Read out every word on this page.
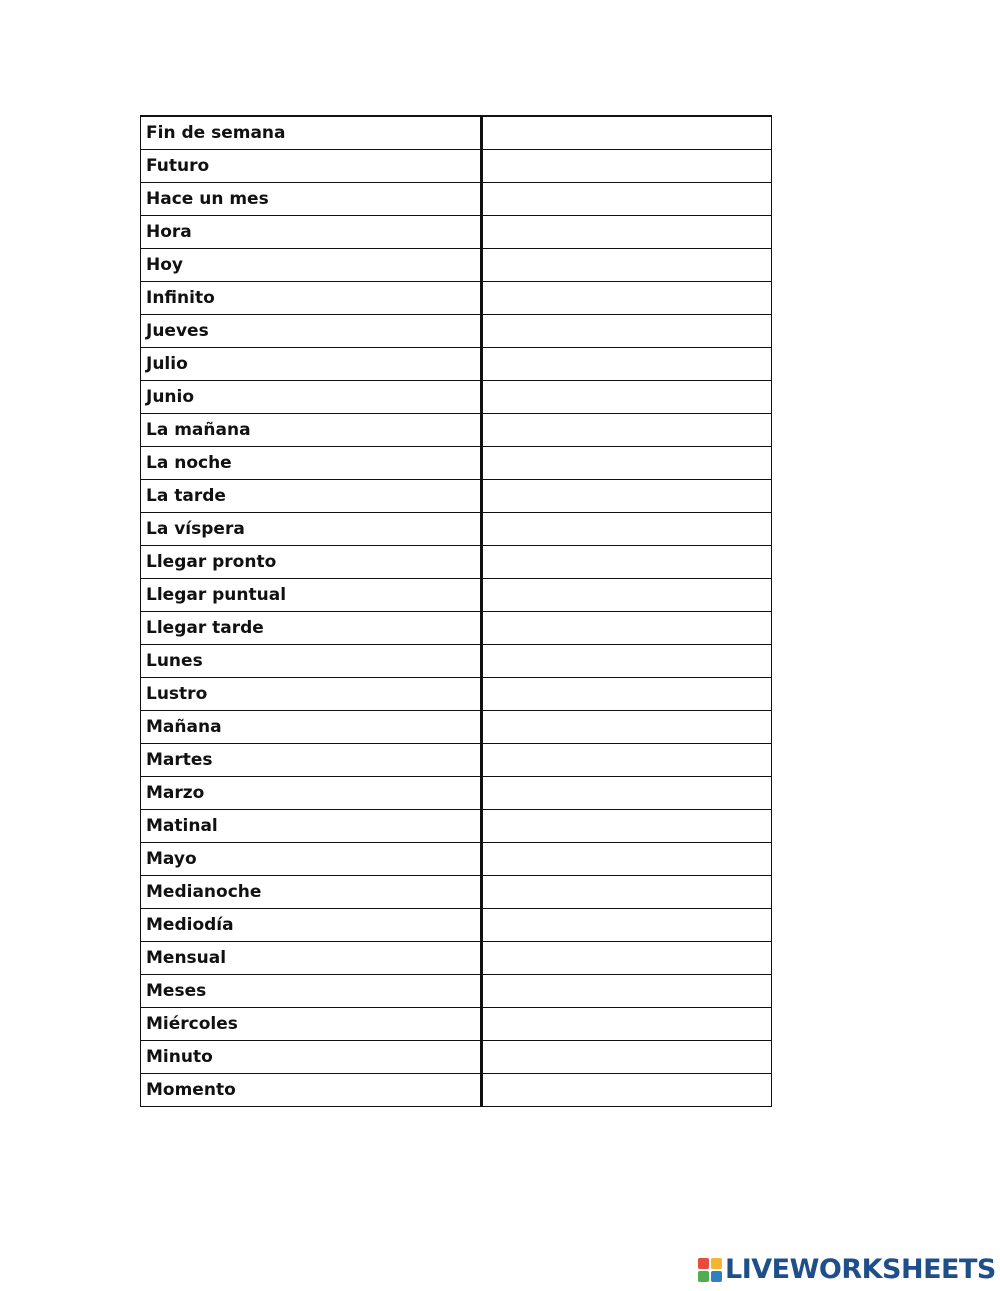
Fin de semana	
Futuro	
Hace un mes	
Hora	
Hoy	
Infinito	
Jueves	
Julio	
Junio	
La mañana	
La noche	
La tarde	
La víspera	
Llegar pronto	
Llegar puntual	
Llegar tarde	
Lunes	
Lustro	
Mañana	
Martes	
Marzo	
Matinal	
Mayo	
Medianoche	
Mediodía	
Mensual	
Meses	
Miércoles	
Minuto	
Momento	
LIVEWORKSHEETS
